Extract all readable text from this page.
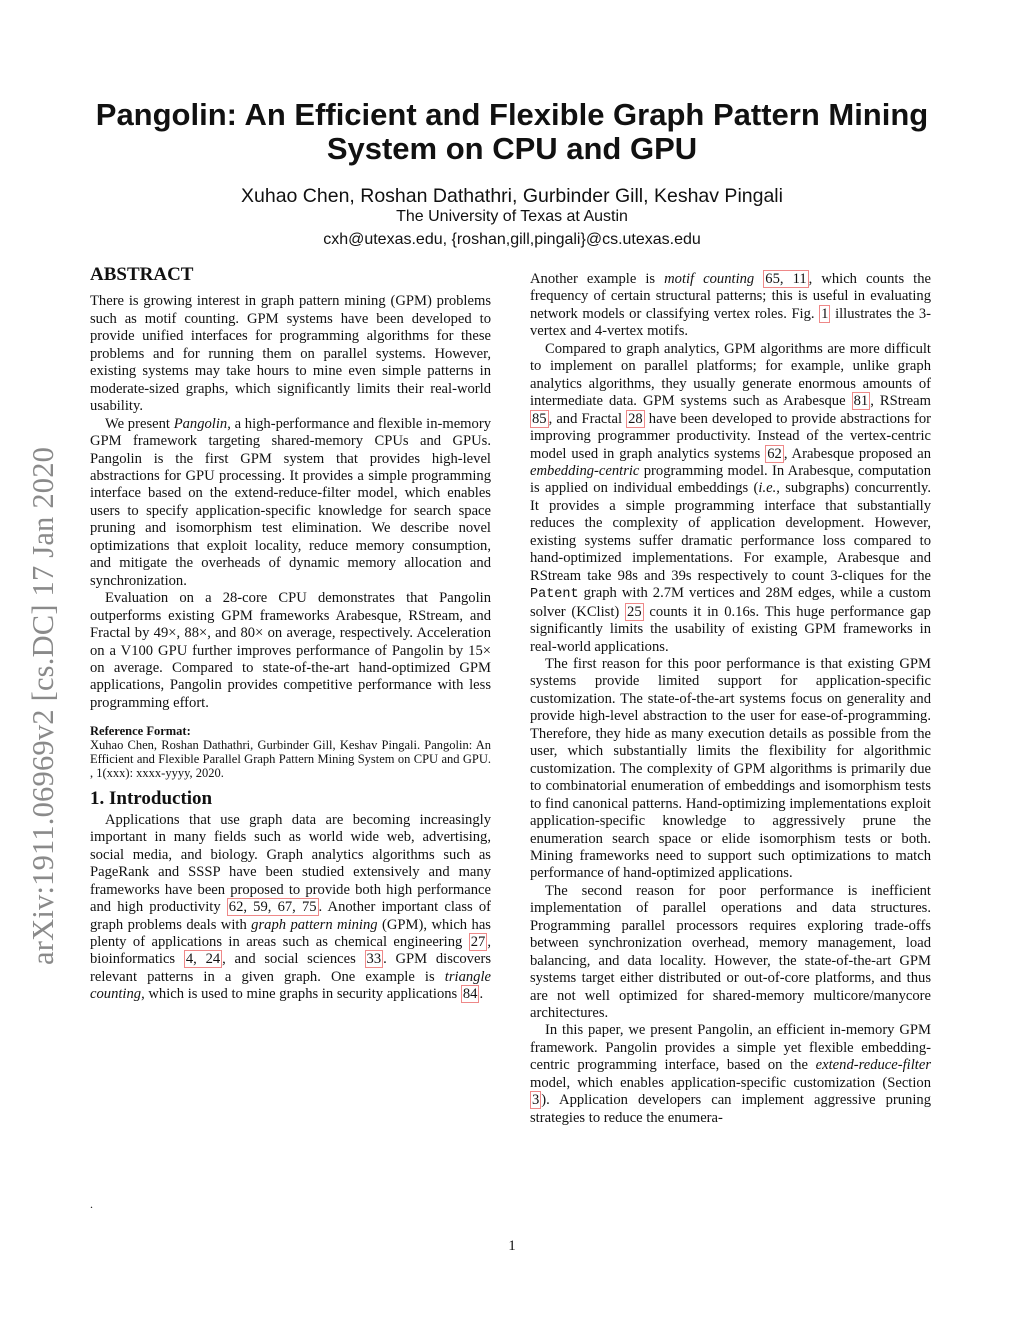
Pangolin: An Efficient and Flexible Graph Pattern Mining System on CPU and GPU
Xuhao Chen, Roshan Dathathri, Gurbinder Gill, Keshav Pingali
The University of Texas at Austin
cxh@utexas.edu, {roshan,gill,pingali}@cs.utexas.edu
arXiv:1911.06969v2 [cs.DC] 17 Jan 2020
ABSTRACT

There is growing interest in graph pattern mining (GPM) problems such as motif counting. GPM systems have been developed to provide unified interfaces for programming algorithms for these problems and for running them on parallel systems. However, existing systems may take hours to mine even simple patterns in moderate-sized graphs, which significantly limits their real-world usability.

We present Pangolin, a high-performance and flexible in-memory GPM framework targeting shared-memory CPUs and GPUs. Pangolin is the first GPM system that provides high-level abstractions for GPU processing. It provides a simple programming interface based on the extend-reduce-filter model, which enables users to specify application-specific knowledge for search space pruning and isomorphism test elimination. We describe novel optimizations that exploit locality, reduce memory consumption, and mitigate the overheads of dynamic memory allocation and synchronization.

Evaluation on a 28-core CPU demonstrates that Pangolin outperforms existing GPM frameworks Arabesque, RStream, and Fractal by 49×, 88×, and 80× on average, respectively. Acceleration on a V100 GPU further improves performance of Pangolin by 15× on average. Compared to state-of-the-art hand-optimized GPM applications, Pangolin provides competitive performance with less programming effort.

Reference Format:
Xuhao Chen, Roshan Dathathri, Gurbinder Gill, Keshav Pingali. Pangolin: An Efficient and Flexible Parallel Graph Pattern Mining System on CPU and GPU. , 1(xxx): xxxx-yyyy, 2020.
1. Introduction

Applications that use graph data are becoming increasingly important in many fields such as world wide web, advertising, social media, and biology. Graph analytics algorithms such as PageRank and SSSP have been studied extensively and many frameworks have been proposed to provide both high performance and high productivity 62, 59, 67, 75 . Another important class of graph problems deals with graph pattern mining (GPM), which has plenty of applications in areas such as chemical engineering 27 , bioinformatics 4, 24 , and social sciences 33 . GPM discovers relevant patterns in a given graph. One example is triangle counting, which is used to mine graphs in security applications 84 .

Another example is motif counting 65, 11 , which counts the frequency of certain structural patterns; this is useful in evaluating network models or classifying vertex roles. Fig. 1 illustrates the 3-vertex and 4-vertex motifs.

Compared to graph analytics, GPM algorithms are more difficult to implement on parallel platforms; for example, unlike graph analytics algorithms, they usually generate enormous amounts of intermediate data. GPM systems such as Arabesque 81 , RStream 85 , and Fractal 28 have been developed to provide abstractions for improving programmer productivity. Instead of the vertex-centric model used in graph analytics systems 62 , Arabesque proposed an embedding-centric programming model. In Arabesque, computation is applied on individual embeddings (i.e., subgraphs) concurrently. It provides a simple programming interface that substantially reduces the complexity of application development. However, existing systems suffer dramatic performance loss compared to hand-optimized implementations. For example, Arabesque and RStream take 98s and 39s respectively to count 3-cliques for the Patent graph with 2.7M vertices and 28M edges, while a custom solver (KClist) 25 counts it in 0.16s. This huge performance gap significantly limits the usability of existing GPM frameworks in real-world applications.

The first reason for this poor performance is that existing GPM systems provide limited support for application-specific customization. The state-of-the-art systems focus on generality and provide high-level abstraction to the user for ease-of-programming. Therefore, they hide as many execution details as possible from the user, which substantially limits the flexibility for algorithmic customization. The complexity of GPM algorithms is primarily due to combinatorial enumeration of embeddings and isomorphism tests to find canonical patterns. Hand-optimizing implementations exploit application-specific knowledge to aggressively prune the enumeration search space or elide isomorphism tests or both. Mining frameworks need to support such optimizations to match performance of hand-optimized applications.

The second reason for poor performance is inefficient implementation of parallel operations and data structures. Programming parallel processors requires exploring trade-offs between synchronization overhead, memory management, load balancing, and data locality. However, the state-of-the-art GPM systems target either distributed or out-of-core platforms, and thus are not well optimized for shared-memory multicore/manycore architectures.

In this paper, we present Pangolin, an efficient in-memory GPM framework. Pangolin provides a simple yet flexible embedding-centric programming interface, based on the extend-reduce-filter model, which enables application-specific customization (Section 3 ). Application developers can implement aggressive pruning strategies to reduce the enumera-

.
1
